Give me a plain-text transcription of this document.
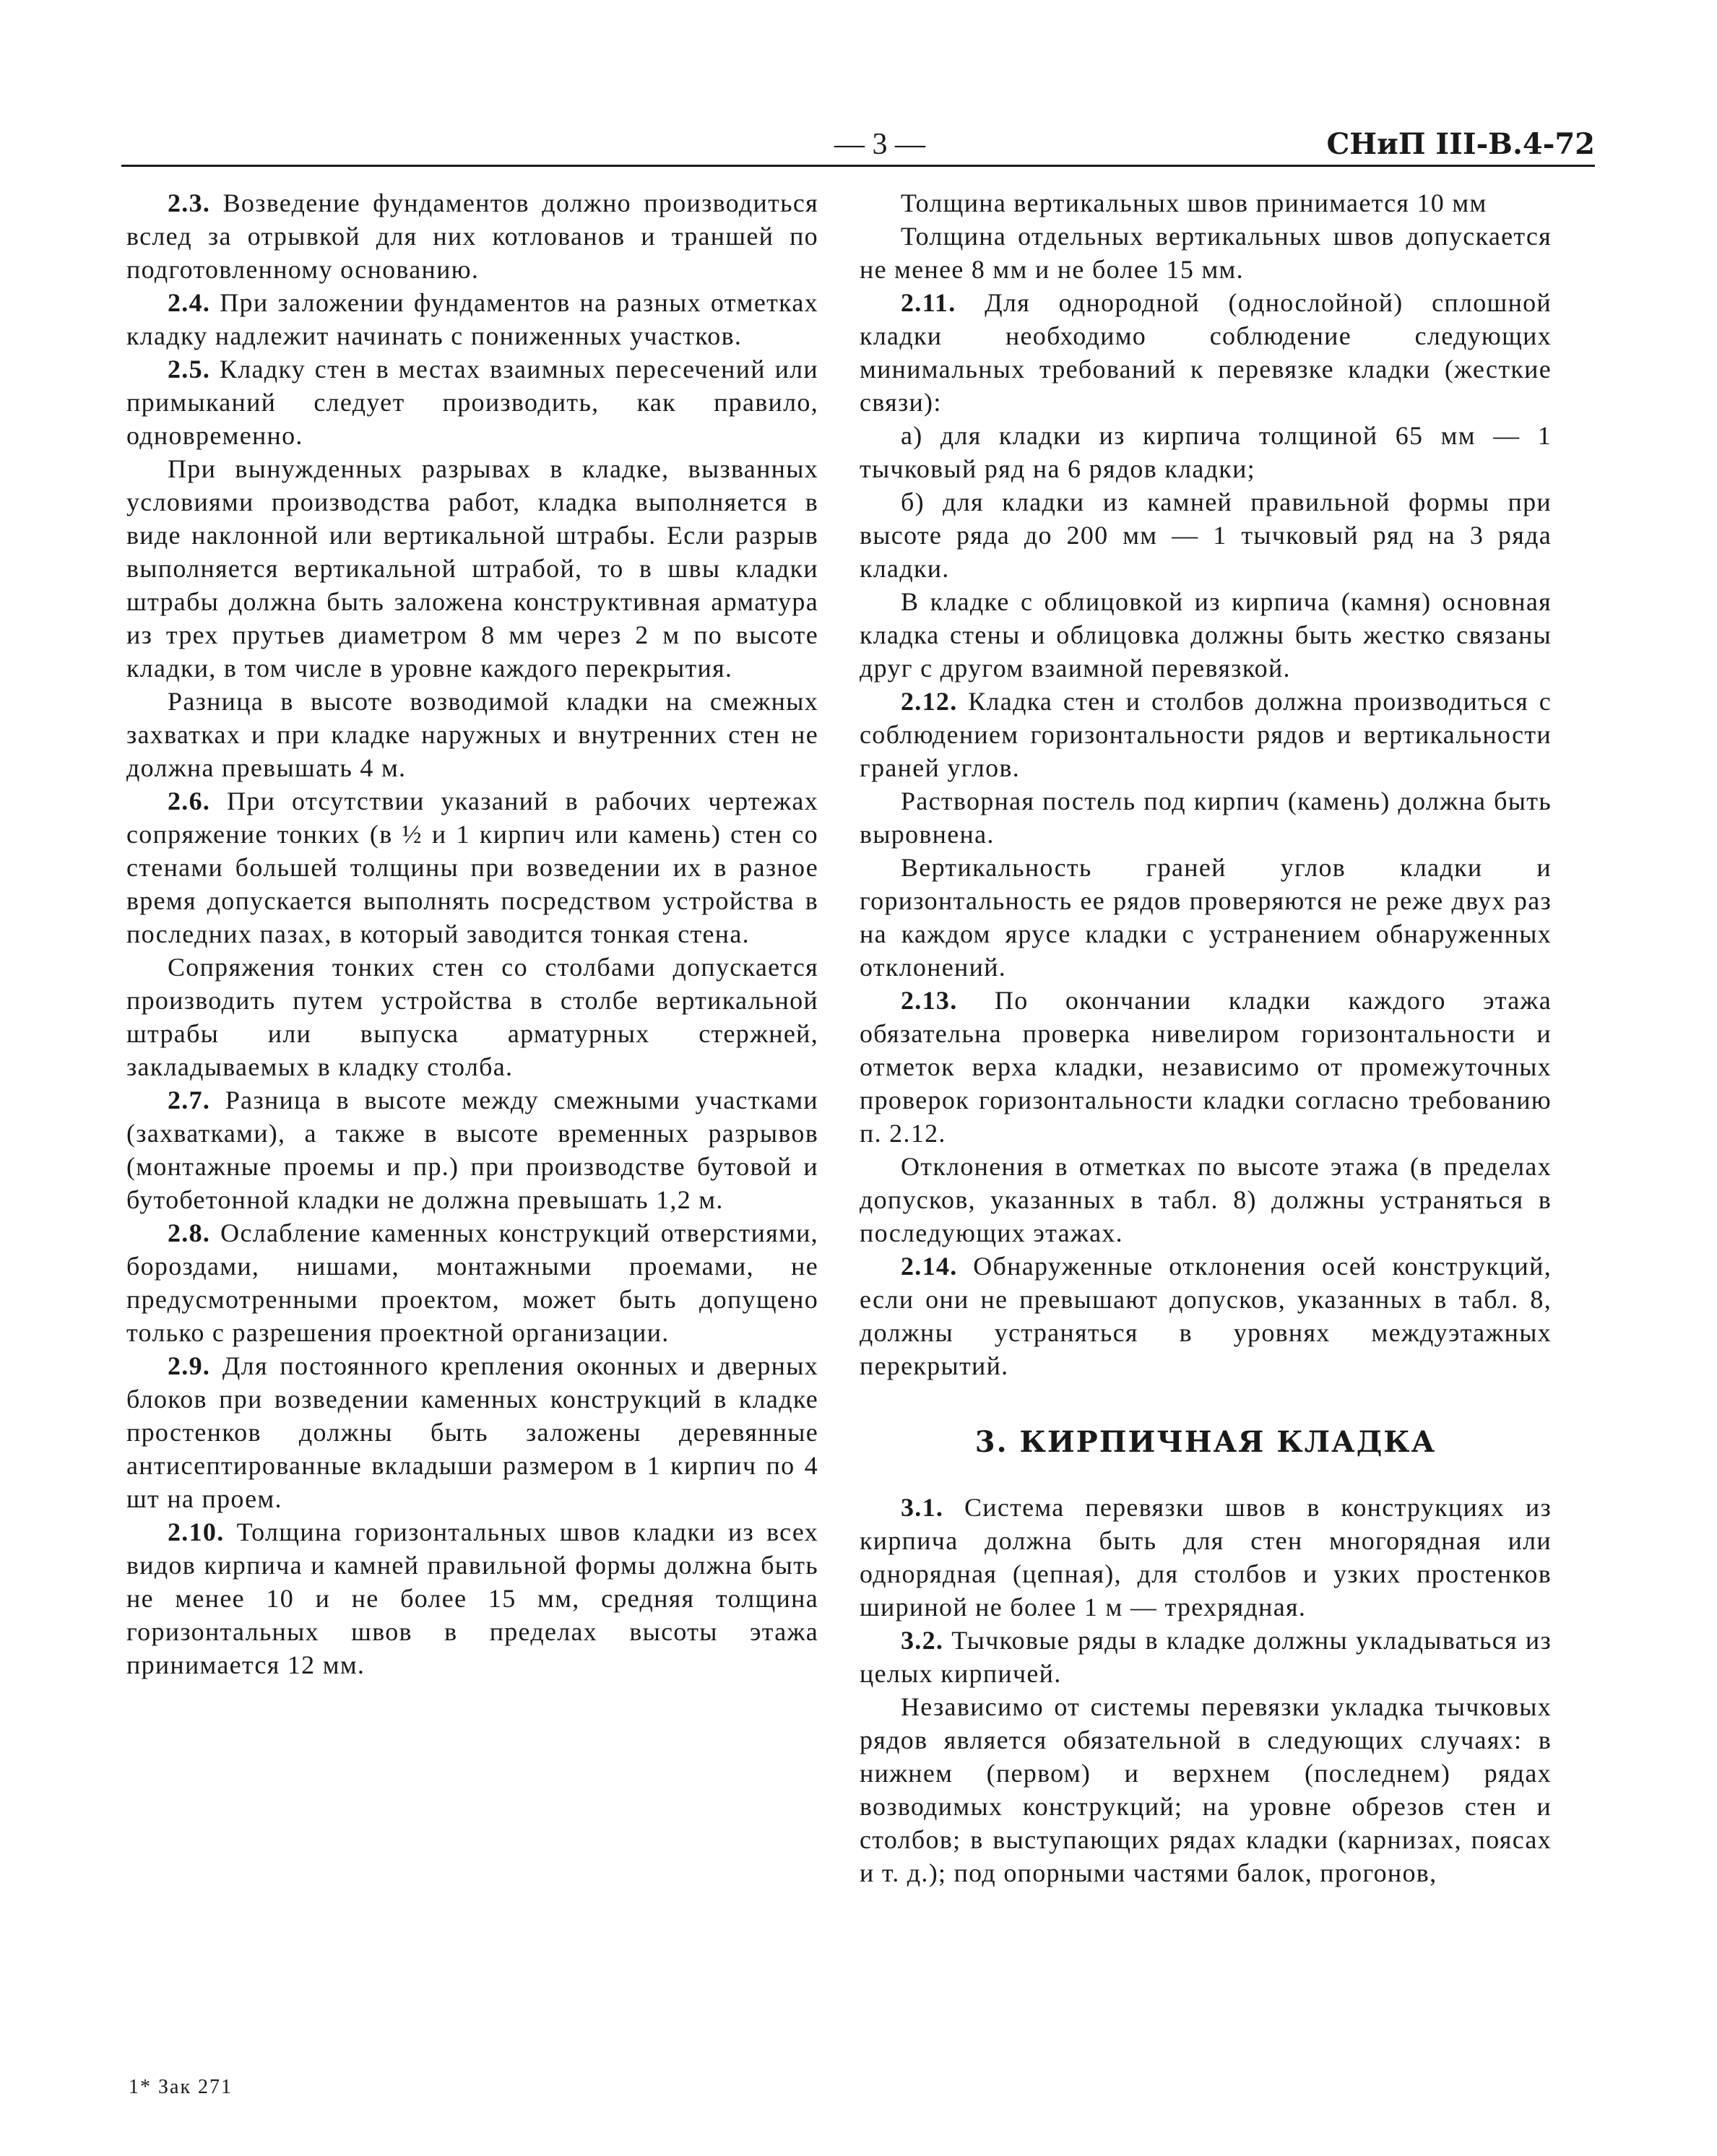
— 3 —	СНиП III-В.4-72

2.3. Возведение фундаментов должно производиться вслед за отрывкой для них котлованов и траншей по подготовленному основанию.

2.4. При заложении фундаментов на разных отметках кладку надлежит начинать с пониженных участков.

2.5. Кладку стен в местах взаимных пересечений или примыканий следует производить, как правило, одновременно.

При вынужденных разрывах в кладке, вызванных условиями производства работ, кладка выполняется в виде наклонной или вертикальной штрабы. Если разрыв выполняется вертикальной штрабой, то в швы кладки штрабы должна быть заложена конструктивная арматура из трех прутьев диаметром 8 мм через 2 м по высоте кладки, в том числе в уровне каждого перекрытия.

Разница в высоте возводимой кладки на смежных захватках и при кладке наружных и внутренних стен не должна превышать 4 м.

2.6. При отсутствии указаний в рабочих чертежах сопряжение тонких (в ½ и 1 кирпич или камень) стен со стенами большей толщины при возведении их в разное время допускается выполнять посредством устройства в последних пазах, в который заводится тонкая стена.

Сопряжения тонких стен со столбами допускается производить путем устройства в столбе вертикальной штрабы или выпуска арматурных стержней, закладываемых в кладку столба.

2.7. Разница в высоте между смежными участками (захватками), а также в высоте временных разрывов (монтажные проемы и пр.) при производстве бутовой и бутобетонной кладки не должна превышать 1,2 м.

2.8. Ослабление каменных конструкций отверстиями, бороздами, нишами, монтажными проемами, не предусмотренными проектом, может быть допущено только с разрешения проектной организации.

2.9. Для постоянного крепления оконных и дверных блоков при возведении каменных конструкций в кладке простенков должны быть заложены деревянные антисептированные вкладыши размером в 1 кирпич по 4 шт на проем.

2.10. Толщина горизонтальных швов кладки из всех видов кирпича и камней правильной формы должна быть не менее 10 и не более 15 мм, средняя толщина горизонтальных швов в пределах высоты этажа принимается 12 мм.

Толщина вертикальных швов принимается 10 мм

Толщина отдельных вертикальных швов допускается не менее 8 мм и не более 15 мм.

2.11. Для однородной (однослойной) сплошной кладки необходимо соблюдение следующих минимальных требований к перевязке кладки (жесткие связи):

а) для кладки из кирпича толщиной 65 мм — 1 тычковый ряд на 6 рядов кладки;

б) для кладки из камней правильной формы при высоте ряда до 200 мм — 1 тычковый ряд на 3 ряда кладки.

В кладке с облицовкой из кирпича (камня) основная кладка стены и облицовка должны быть жестко связаны друг с другом взаимной перевязкой.

2.12. Кладка стен и столбов должна производиться с соблюдением горизонтальности рядов и вертикальности граней углов.

Растворная постель под кирпич (камень) должна быть выровнена.

Вертикальность граней углов кладки и горизонтальность ее рядов проверяются не реже двух раз на каждом ярусе кладки с устранением обнаруженных отклонений.

2.13. По окончании кладки каждого этажа обязательна проверка нивелиром горизонтальности и отметок верха кладки, независимо от промежуточных проверок горизонтальности кладки согласно требованию п. 2.12.

Отклонения в отметках по высоте этажа (в пределах допусков, указанных в табл. 8) должны устраняться в последующих этажах.

2.14. Обнаруженные отклонения осей конструкций, если они не превышают допусков, указанных в табл. 8, должны устраняться в уровнях междуэтажных перекрытий.

3. КИРПИЧНАЯ КЛАДКА

3.1. Система перевязки швов в конструкциях из кирпича должна быть для стен многорядная или однорядная (цепная), для столбов и узких простенков шириной не более 1 м — трехрядная.

3.2. Тычковые ряды в кладке должны укладываться из целых кирпичей.

Независимо от системы перевязки укладка тычковых рядов является обязательной в следующих случаях: в нижнем (первом) и верхнем (последнем) рядах возводимых конструкций; на уровне обрезов стен и столбов; в выступающих рядах кладки (карнизах, поясах и т. д.); под опорными частями балок, прогонов,

1* Зак 271
